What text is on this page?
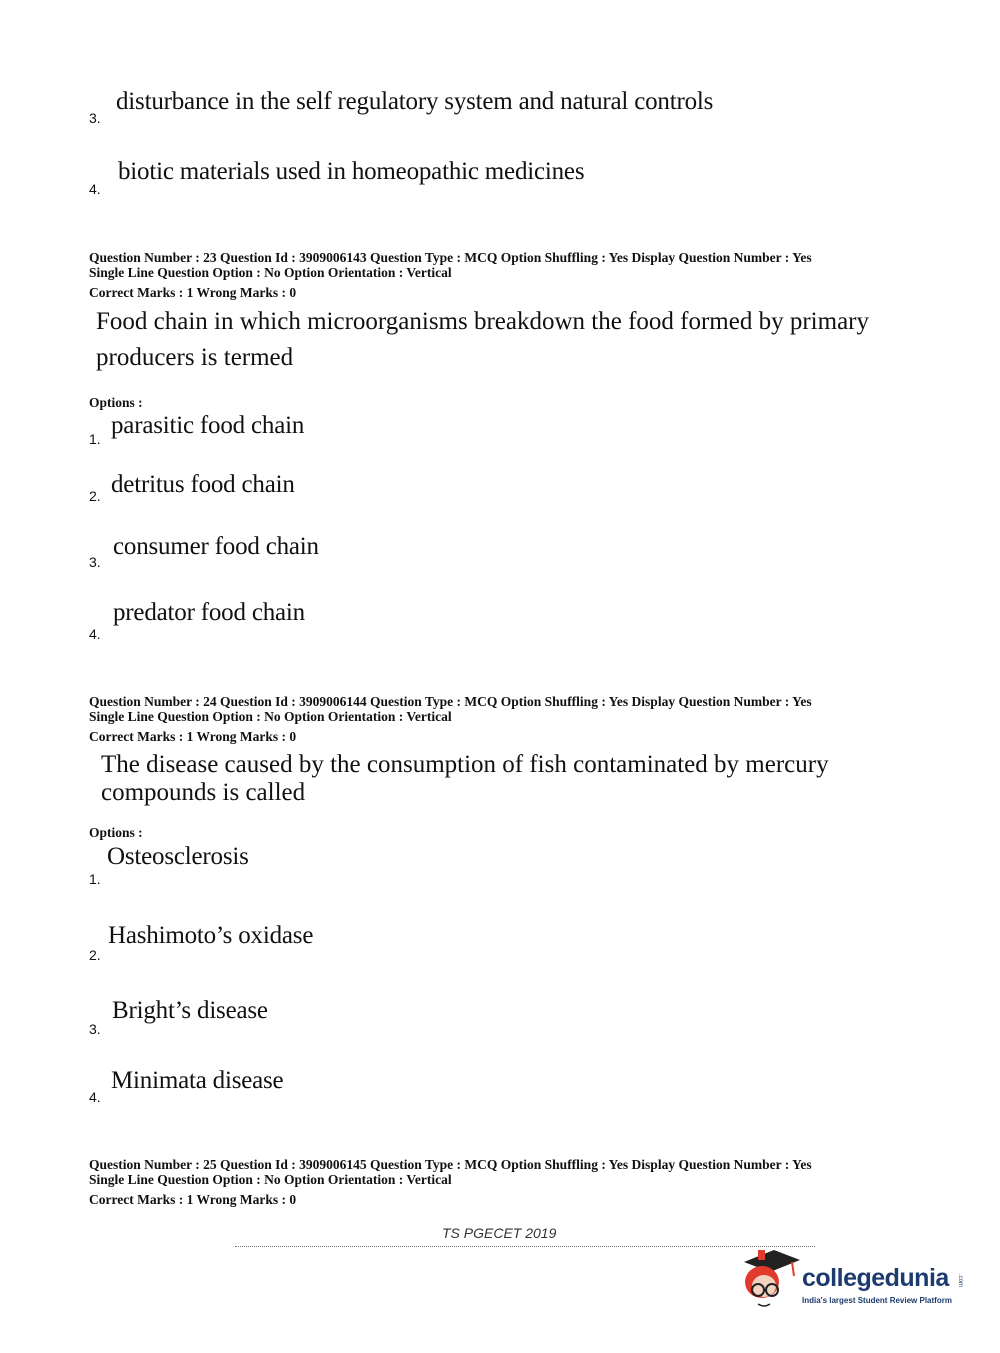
3.
disturbance in the self regulatory system and natural controls
4.
biotic materials used in homeopathic medicines
Question Number : 23 Question Id : 3909006143 Question Type : MCQ Option Shuffling : Yes Display Question Number : Yes
Single Line Question Option : No Option Orientation : Vertical
Correct Marks : 1 Wrong Marks : 0
Food chain in which microorganisms breakdown the food formed by primary
producers is termed
Options :
1. parasitic food chain
2. detritus food chain
3.
consumer food chain
4.
predator food chain
Question Number : 24 Question Id : 3909006144 Question Type : MCQ Option Shuffling : Yes Display Question Number : Yes
Single Line Question Option : No Option Orientation : Vertical
Correct Marks : 1 Wrong Marks : 0
The disease caused by the consumption of fish contaminated by mercury
compounds is called
Options :
1.
Osteosclerosis
2.
Hashimoto’s oxidase
3.
Bright’s disease
4.
Minimata disease
Question Number : 25 Question Id : 3909006145 Question Type : MCQ Option Shuffling : Yes Display Question Number : Yes
Single Line Question Option : No Option Orientation : Vertical
Correct Marks : 1 Wrong Marks : 0
TS PGECET 2019
collegedunia .com
India's largest Student Review Platform
